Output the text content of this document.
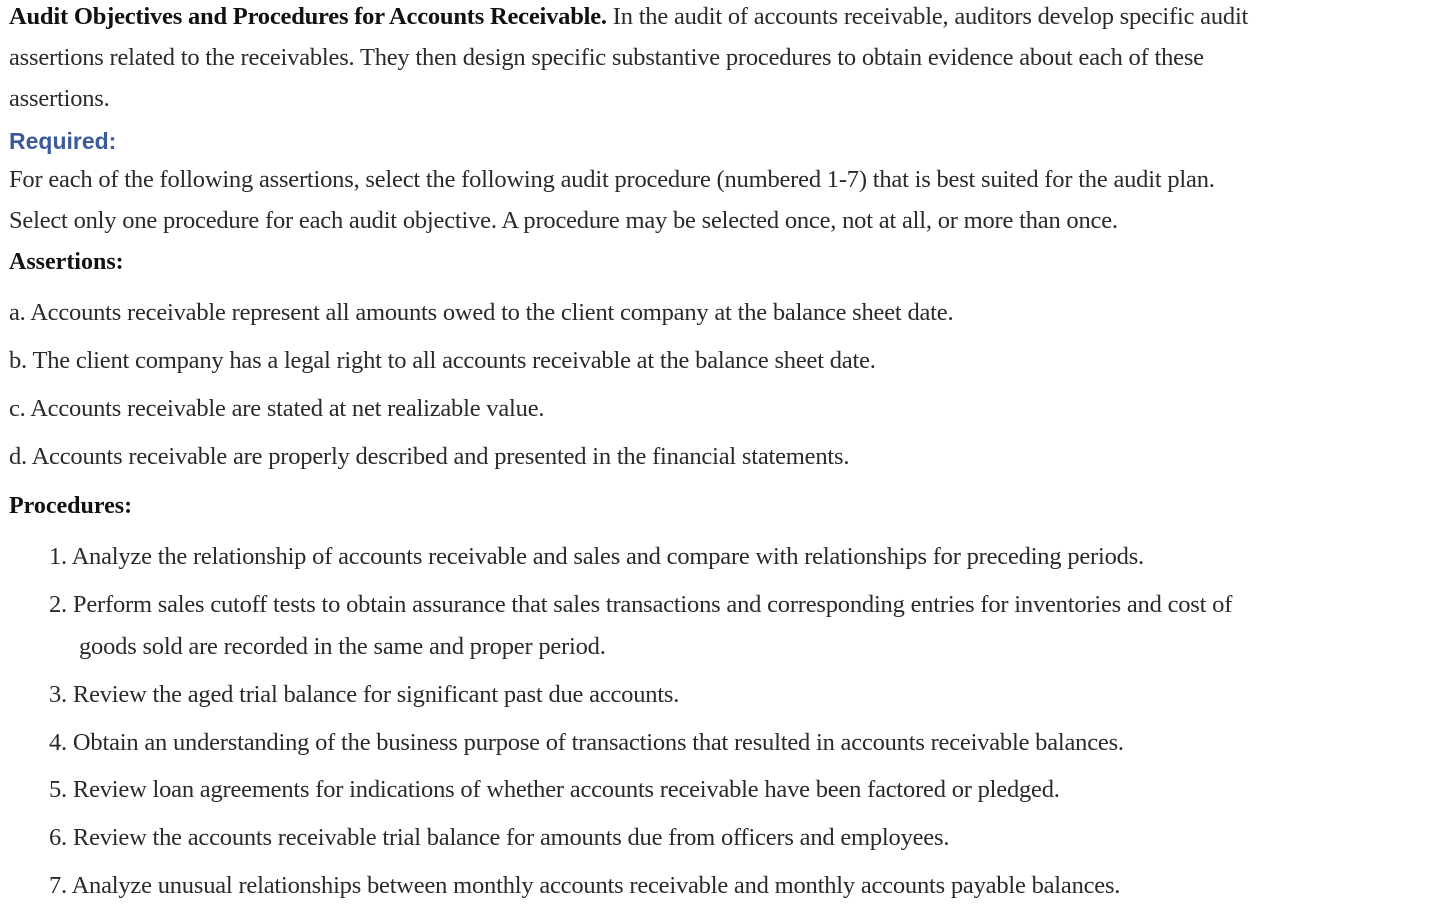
Audit Objectives and Procedures for Accounts Receivable. In the audit of accounts receivable, auditors develop specific audit
assertions related to the receivables. They then design specific substantive procedures to obtain evidence about each of these
assertions.
Required:
For each of the following assertions, select the following audit procedure (numbered 1-7) that is best suited for the audit plan.
Select only one procedure for each audit objective. A procedure may be selected once, not at all, or more than once.
Assertions:
a. Accounts receivable represent all amounts owed to the client company at the balance sheet date.
b. The client company has a legal right to all accounts receivable at the balance sheet date.
c. Accounts receivable are stated at net realizable value.
d. Accounts receivable are properly described and presented in the financial statements.
Procedures:
1. Analyze the relationship of accounts receivable and sales and compare with relationships for preceding periods.
2. Perform sales cutoff tests to obtain assurance that sales transactions and corresponding entries for inventories and cost of
goods sold are recorded in the same and proper period.
3. Review the aged trial balance for significant past due accounts.
4. Obtain an understanding of the business purpose of transactions that resulted in accounts receivable balances.
5. Review loan agreements for indications of whether accounts receivable have been factored or pledged.
6. Review the accounts receivable trial balance for amounts due from officers and employees.
7. Analyze unusual relationships between monthly accounts receivable and monthly accounts payable balances.
